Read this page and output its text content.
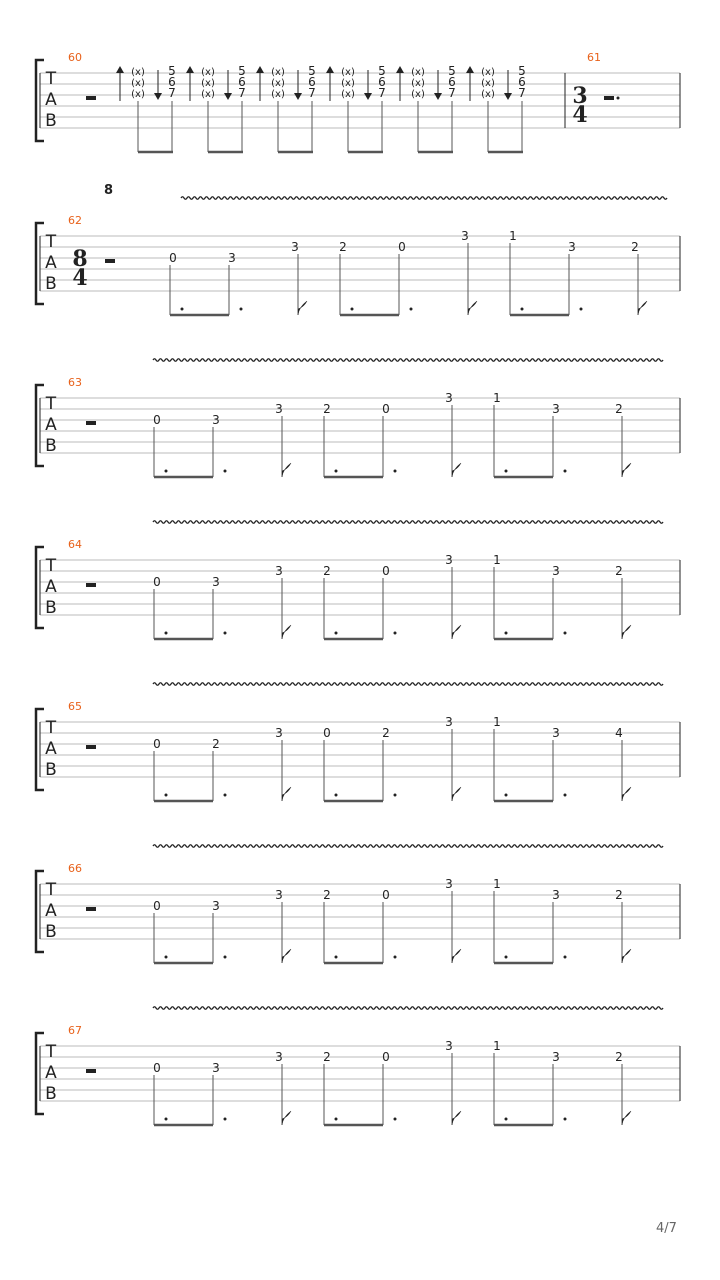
T
A
B
60
(x)
(x)
(x)
5
6
7
(x)
(x)
(x)
5
6
7
(x)
(x)
(x)
5
6
7
(x)
(x)
(x)
5
6
7
(x)
(x)
(x)
5
6
7
(x)
(x)
(x)
5
6
7
61
3
4
T
A
B
62
8
4
8
0	3
3	2	0
3	1
3	2
T
A
B
63
0	3
3	2	0
3	1
3	2
T
A
B
64
0	3
3	2	0
3	1
3	2
T
A
B
65
0	2
3	0	2
3	1
3	4
T
A
B
66
0	3
3	2	0
3	1
3	2
T
A
B
67
0	3
3	2	0
3	1
3	2
4/7
